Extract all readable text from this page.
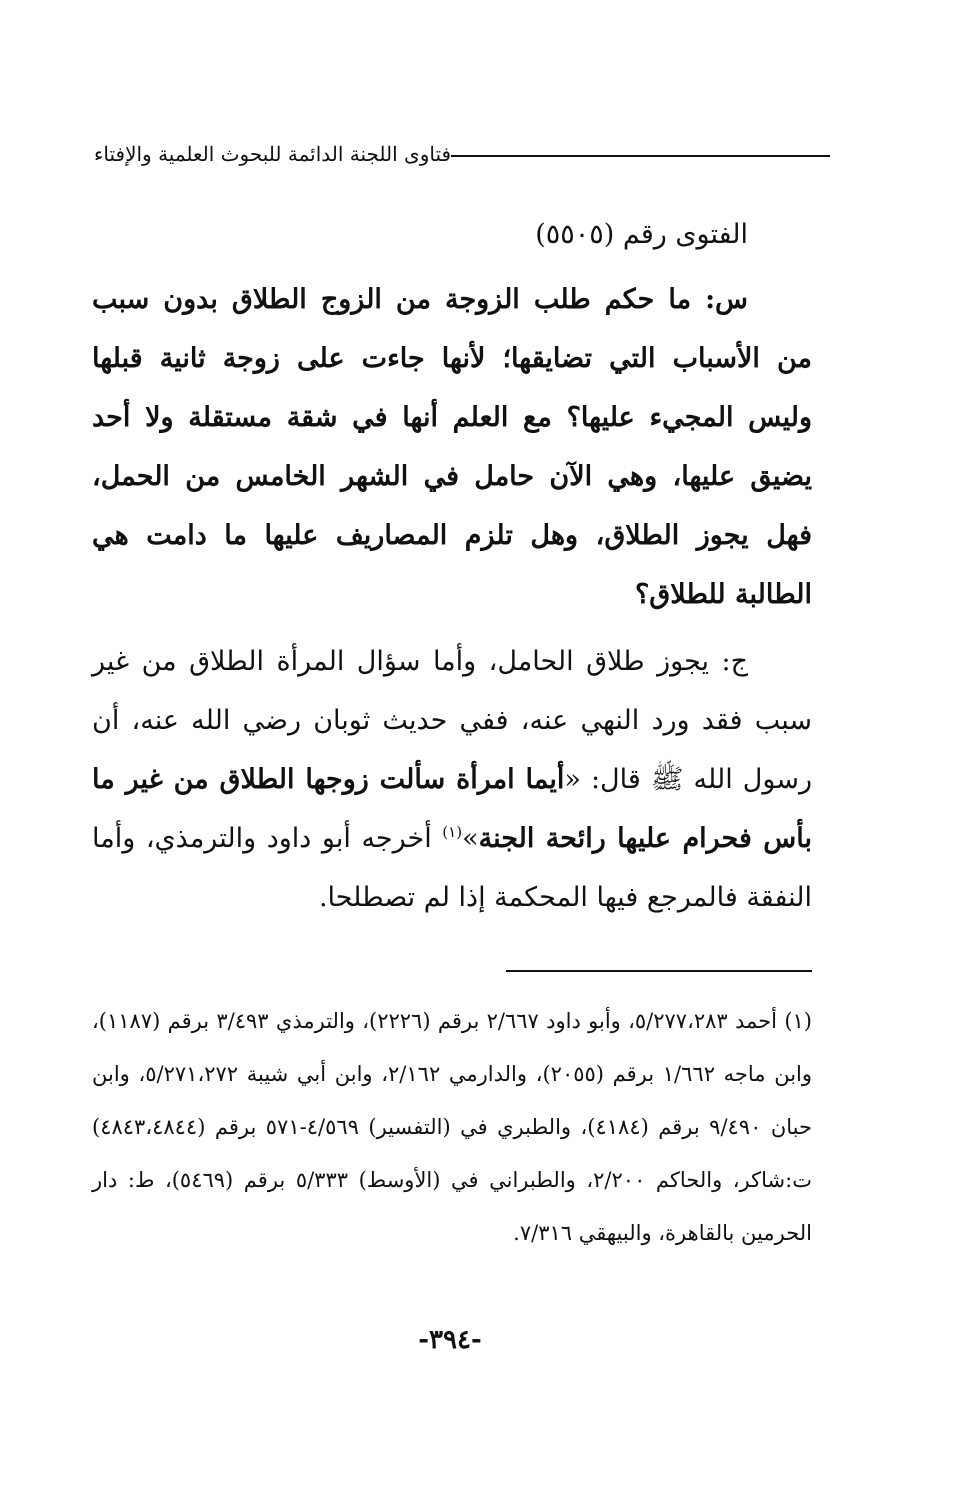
فتاوى اللجنة الدائمة للبحوث العلمية والإفتاء
الفتوى رقم (٥٥٠٥)

س: ما حكم طلب الزوجة من الزوج الطلاق بدون سبب من الأسباب التي تضايقها؛ لأنها جاءت على زوجة ثانية قبلها وليس المجيء عليها؟ مع العلم أنها في شقة مستقلة ولا أحد يضيق عليها، وهي الآن حامل في الشهر الخامس من الحمل، فهل يجوز الطلاق، وهل تلزم المصاريف عليها ما دامت هي الطالبة للطلاق؟

ج: يجوز طلاق الحامل، وأما سؤال المرأة الطلاق من غير سبب فقد ورد النهي عنه، ففي حديث ثوبان رضي الله عنه، أن رسول الله ﷺ قال: «أيما امرأة سألت زوجها الطلاق من غير ما بأس فحرام عليها رائحة الجنة»$^{(١)}$ أخرجه أبو داود والترمذي، وأما النفقة فالمرجع فيها المحكمة إذا لم تصطلحا.

(١) أحمد ٥/٢٧٧،٢٨٣، وأبو داود ٢/٦٦٧ برقم (٢٢٢٦)، والترمذي ٣/٤٩٣ برقم (١١٨٧)، وابن ماجه ١/٦٦٢ برقم (٢٠٥٥)، والدارمي ٢/١٦٢، وابن أبي شيبة ٥/٢٧١،٢٧٢، وابن حبان ٩/٤٩٠ برقم (٤١٨٤)، والطبري في (التفسير) ٤/٥٦٩-٥٧١ برقم (٤٨٤٣،٤٨٤٤) ت:شاكر، والحاكم ٢/٢٠٠، والطبراني في (الأوسط) ٥/٣٣٣ برقم (٥٤٦٩)، ط: دار الحرمين بالقاهرة، والبيهقي ٧/٣١٦.
-٣٩٤-
